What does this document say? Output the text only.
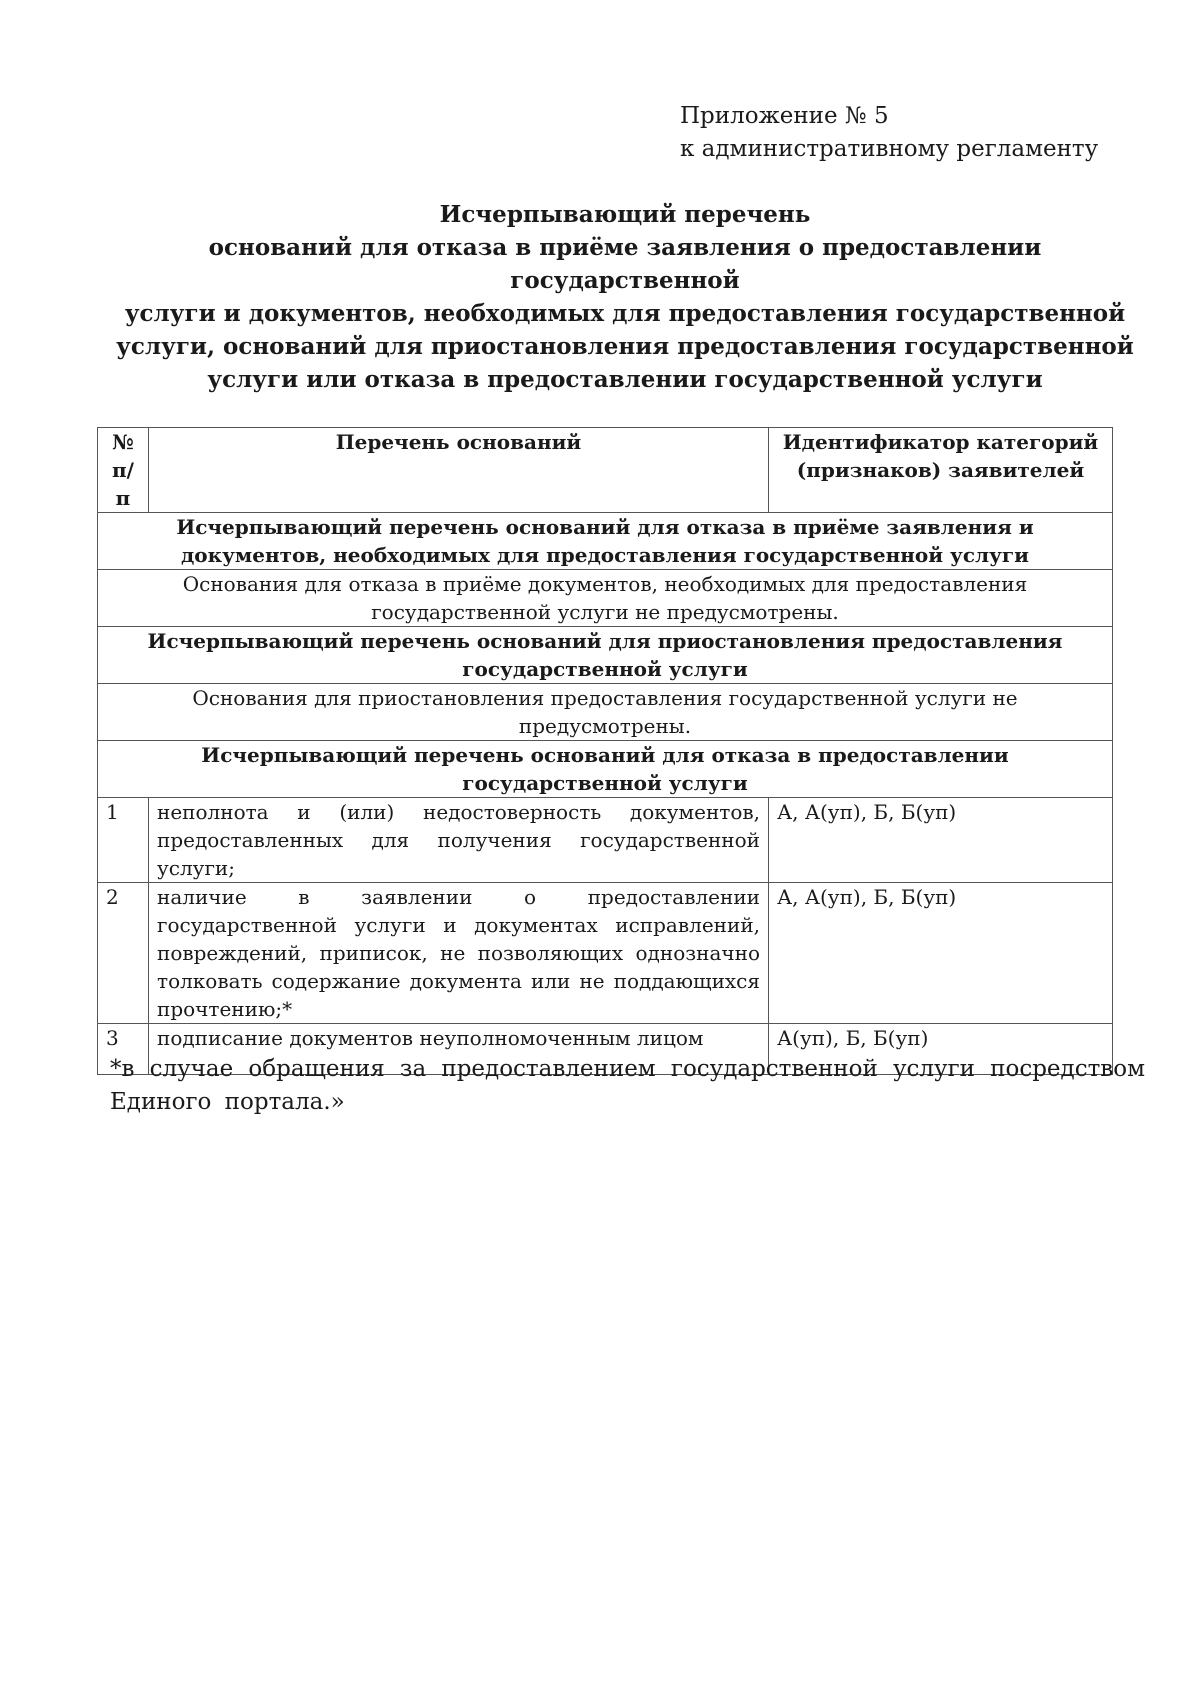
Приложение № 5
к административному регламенту
Исчерпывающий перечень
оснований для отказа в приёме заявления о предоставлении государственной
услуги и документов, необходимых для предоставления государственной
услуги, оснований для приостановления предоставления государственной
услуги или отказа в предоставлении государственной услуги
№ п/п	Перечень оснований	Идентификатор категорий (признаков) заявителей
Исчерпывающий перечень оснований для отказа в приёме заявления и документов, необходимых для предоставления государственной услуги		
Основания для отказа в приёме документов, необходимых для предоставления государственной услуги не предусмотрены.		
Исчерпывающий перечень оснований для приостановления предоставления государственной услуги		
Основания для приостановления предоставления государственной услуги не предусмотрены.		
Исчерпывающий перечень оснований для отказа в предоставлении государственной услуги		
1	неполнота и (или) недостоверность документов, предоставленных для получения государственной услуги;	А, А(уп), Б, Б(уп)
2	наличие в заявлении о предоставлении государственной услуги и документах исправлений, повреждений, приписок, не позволяющих однозначно толковать содержание документа или не поддающихся прочтению;*	А, А(уп), Б, Б(уп)
3	подписание документов неуполномоченным лицом	А(уп), Б, Б(уп)
*в случае обращения за предоставлением государственной услуги посредством Единого портала.»
